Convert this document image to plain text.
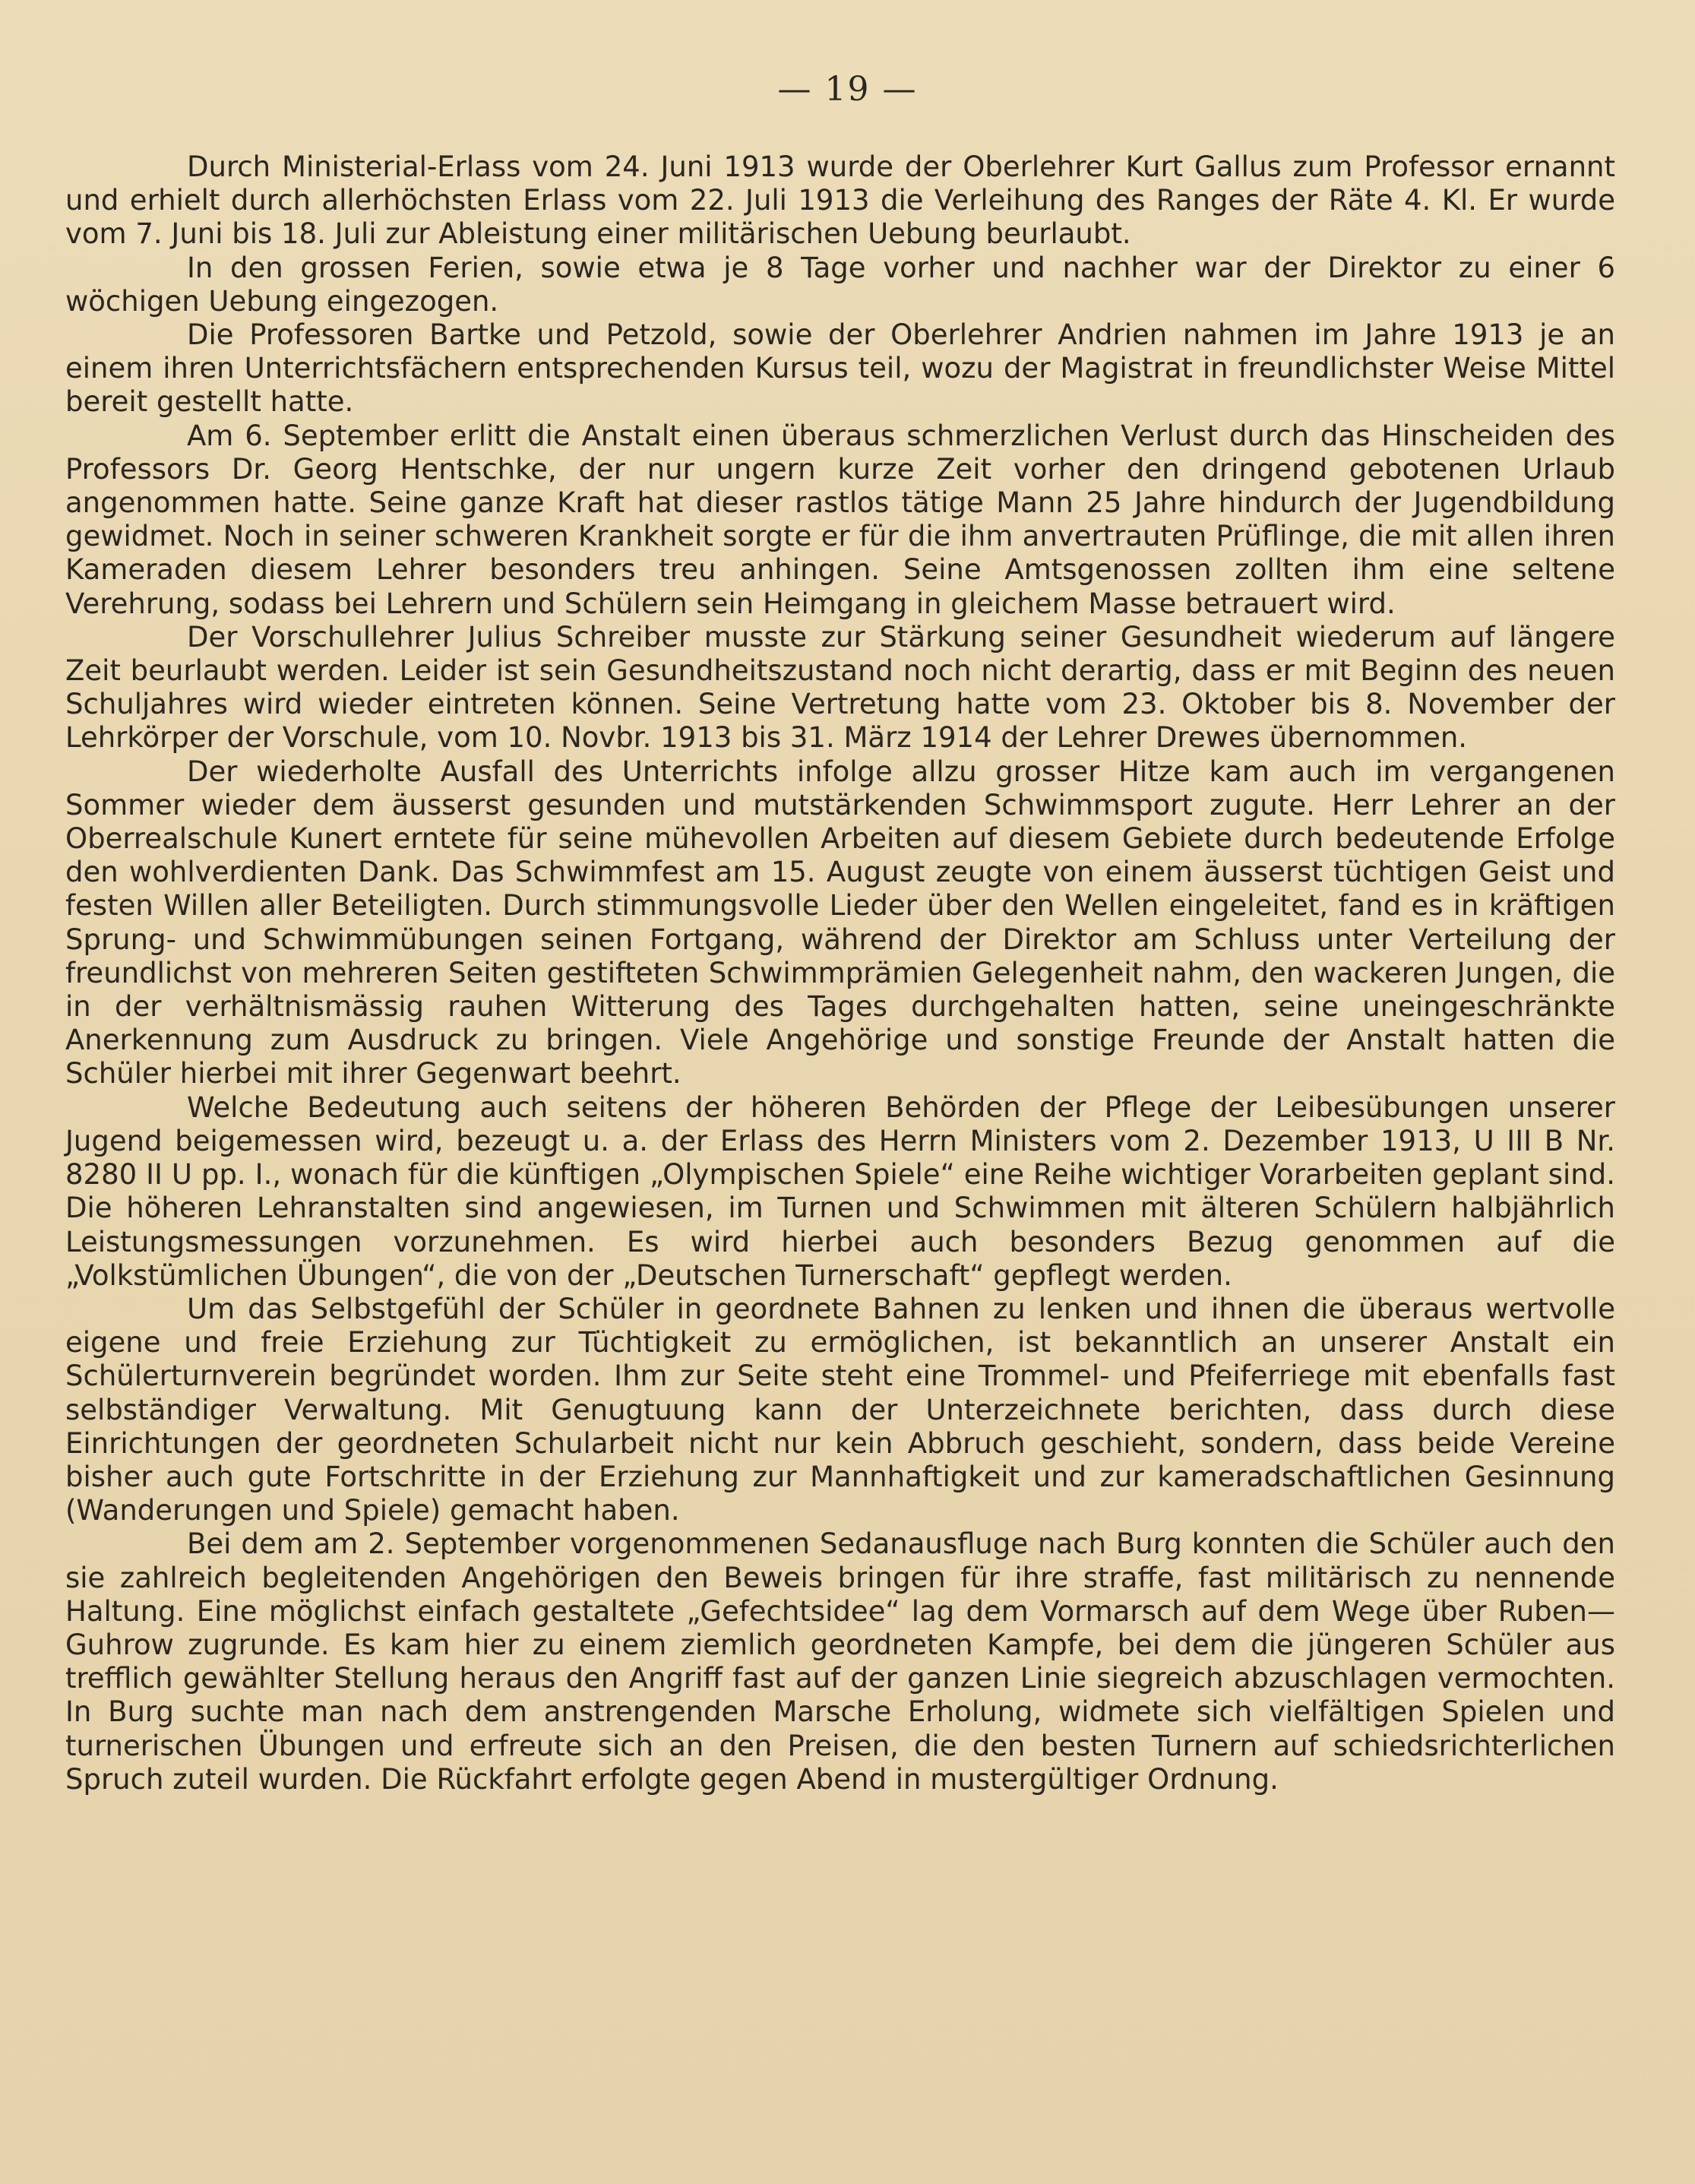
— 19 —

Durch Ministerial-Erlass vom 24. Juni 1913 wurde der Oberlehrer Kurt Gallus zum Professor ernannt und erhielt durch allerhöchsten Erlass vom 22. Juli 1913 die Verleihung des Ranges der Räte 4. Kl. Er wurde vom 7. Juni bis 18. Juli zur Ableistung einer militärischen Uebung beurlaubt.

In den grossen Ferien, sowie etwa je 8 Tage vorher und nachher war der Direktor zu einer 6 wöchigen Uebung eingezogen.

Die Professoren Bartke und Petzold, sowie der Oberlehrer Andrien nahmen im Jahre 1913 je an einem ihren Unterrichtsfächern entsprechenden Kursus teil, wozu der Magistrat in freundlichster Weise Mittel bereit gestellt hatte.

Am 6. September erlitt die Anstalt einen überaus schmerzlichen Verlust durch das Hinscheiden des Professors Dr. Georg Hentschke, der nur ungern kurze Zeit vorher den dringend gebotenen Urlaub angenommen hatte. Seine ganze Kraft hat dieser rastlos tätige Mann 25 Jahre hindurch der Jugendbildung gewidmet. Noch in seiner schweren Krankheit sorgte er für die ihm anvertrauten Prüflinge, die mit allen ihren Kameraden diesem Lehrer besonders treu anhingen. Seine Amtsgenossen zollten ihm eine seltene Verehrung, sodass bei Lehrern und Schülern sein Heimgang in gleichem Masse betrauert wird.

Der Vorschullehrer Julius Schreiber musste zur Stärkung seiner Gesundheit wiederum auf längere Zeit beurlaubt werden. Leider ist sein Gesundheitszustand noch nicht derartig, dass er mit Beginn des neuen Schuljahres wird wieder eintreten können. Seine Vertretung hatte vom 23. Oktober bis 8. November der Lehrkörper der Vorschule, vom 10. Novbr. 1913 bis 31. März 1914 der Lehrer Drewes übernommen.

Der wiederholte Ausfall des Unterrichts infolge allzu grosser Hitze kam auch im vergangenen Sommer wieder dem äusserst gesunden und mutstärkenden Schwimmsport zugute. Herr Lehrer an der Oberrealschule Kunert erntete für seine mühevollen Arbeiten auf diesem Gebiete durch bedeutende Erfolge den wohlverdienten Dank. Das Schwimmfest am 15. August zeugte von einem äusserst tüchtigen Geist und festen Willen aller Beteiligten. Durch stimmungsvolle Lieder über den Wellen eingeleitet, fand es in kräftigen Sprung- und Schwimmübungen seinen Fortgang, während der Direktor am Schluss unter Verteilung der freundlichst von mehreren Seiten gestifteten Schwimmprämien Gelegenheit nahm, den wackeren Jungen, die in der verhältnismässig rauhen Witterung des Tages durchgehalten hatten, seine uneingeschränkte Anerkennung zum Ausdruck zu bringen. Viele Angehörige und sonstige Freunde der Anstalt hatten die Schüler hierbei mit ihrer Gegenwart beehrt.

Welche Bedeutung auch seitens der höheren Behörden der Pflege der Leibesübungen unserer Jugend beigemessen wird, bezeugt u. a. der Erlass des Herrn Ministers vom 2. Dezember 1913, U III B Nr. 8280 II U pp. I., wonach für die künftigen „Olympischen Spiele“ eine Reihe wichtiger Vorarbeiten geplant sind. Die höheren Lehranstalten sind angewiesen, im Turnen und Schwimmen mit älteren Schülern halbjährlich Leistungsmessungen vorzunehmen. Es wird hierbei auch besonders Bezug genommen auf die „Volkstümlichen Übungen“, die von der „Deutschen Turnerschaft“ gepflegt werden.

Um das Selbstgefühl der Schüler in geordnete Bahnen zu lenken und ihnen die überaus wertvolle eigene und freie Erziehung zur Tüchtigkeit zu ermöglichen, ist bekanntlich an unserer Anstalt ein Schülerturnverein begründet worden. Ihm zur Seite steht eine Trommel- und Pfeiferriege mit ebenfalls fast selbständiger Verwaltung. Mit Genugtuung kann der Unterzeichnete berichten, dass durch diese Einrichtungen der geordneten Schularbeit nicht nur kein Abbruch geschieht, sondern, dass beide Vereine bisher auch gute Fortschritte in der Erziehung zur Mannhaftigkeit und zur kameradschaftlichen Gesinnung (Wanderungen und Spiele) gemacht haben.

Bei dem am 2. September vorgenommenen Sedanausfluge nach Burg konnten die Schüler auch den sie zahlreich begleitenden Angehörigen den Beweis bringen für ihre straffe, fast militärisch zu nennende Haltung. Eine möglichst einfach gestaltete „Gefechtsidee“ lag dem Vormarsch auf dem Wege über Ruben—Guhrow zugrunde. Es kam hier zu einem ziemlich geordneten Kampfe, bei dem die jüngeren Schüler aus trefflich gewählter Stellung heraus den Angriff fast auf der ganzen Linie siegreich abzuschlagen vermochten. In Burg suchte man nach dem anstrengenden Marsche Erholung, widmete sich vielfältigen Spielen und turnerischen Übungen und erfreute sich an den Preisen, die den besten Turnern auf schiedsrichterlichen Spruch zuteil wurden. Die Rückfahrt erfolgte gegen Abend in mustergültiger Ordnung.
